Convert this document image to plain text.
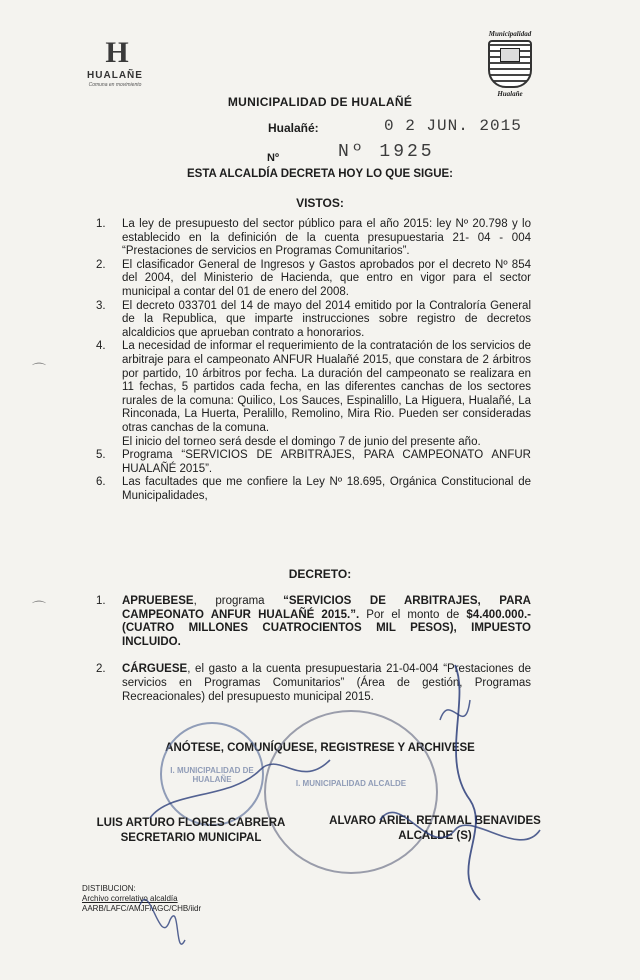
H
HUALAÑE
Comuna en movimiento
Municipalidad
Hualañe
MUNICIPALIDAD DE HUALAÑÉ
Hualañé:	0 2 JUN. 2015
Nº	Nº 1925
ESTA ALCALDÍA DECRETA HOY LO QUE SIGUE:
VISTOS:
1. La ley de presupuesto del sector público para el año 2015: ley Nº 20.798 y lo establecido en la definición de la cuenta presupuestaria 21- 04 - 004 “Prestaciones de servicios en Programas Comunitarios”.

2. El clasificador General de Ingresos y Gastos aprobados por el decreto Nº 854 del 2004, del Ministerio de Hacienda, que entro en vigor para el sector municipal a contar del 01 de enero del 2008.

3. El decreto 033701 del 14 de mayo del 2014 emitido por la Contraloría General de la Republica, que imparte instrucciones sobre registro de decretos alcaldicios que aprueban contrato a honorarios.

4. La necesidad de informar el requerimiento de la contratación de los servicios de arbitraje para el campeonato ANFUR Hualañé 2015, que constara de 2 árbitros por partido, 10 árbitros por fecha. La duración del campeonato se realizara en 11 fechas, 5 partidos cada fecha, en las diferentes canchas de los sectores rurales de la comuna: Quilico, Los Sauces, Espinalillo, La Higuera, Hualañé, La Rinconada, La Huerta, Peralillo, Remolino, Mira Rio. Pueden ser consideradas otras canchas de la comuna.

El inicio del torneo será desde el domingo 7 de junio del presente año.

5. Programa “SERVICIOS DE ARBITRAJES, PARA CAMPEONATO ANFUR HUALAÑÉ 2015”.

6. Las facultades que me confiere la Ley Nº 18.695, Orgánica Constitucional de Municipalidades,

DECRETO:
1. APRUEBESE, programa “SERVICIOS DE ARBITRAJES, PARA CAMPEONATO ANFUR HUALAÑÉ 2015.”. Por el monto de $4.400.000.- (CUATRO MILLONES CUATROCIENTOS MIL PESOS), IMPUESTO INCLUIDO.

2. CÁRGUESE, el gasto a la cuenta presupuestaria 21-04-004 “Prestaciones de servicios en Programas Comunitarios” (Área de gestión, Programas Recreacionales) del presupuesto municipal 2015.

ANÓTESE, COMUNÍQUESE, REGISTRESE Y ARCHIVESE
I. MUNICIPALIDAD DE HUALAÑE	I. MUNICIPALIDAD ALCALDE
LUIS ARTURO FLORES CABRERA
SECRETARIO MUNICIPAL
ALVARO ARIEL RETAMAL BENAVIDES
ALCALDE (S)
DISTIBUCION:
Archivo correlativo alcaldía
AARB/LAFC/AMJF/AGC/CHB/iidr
⌒
⌒
